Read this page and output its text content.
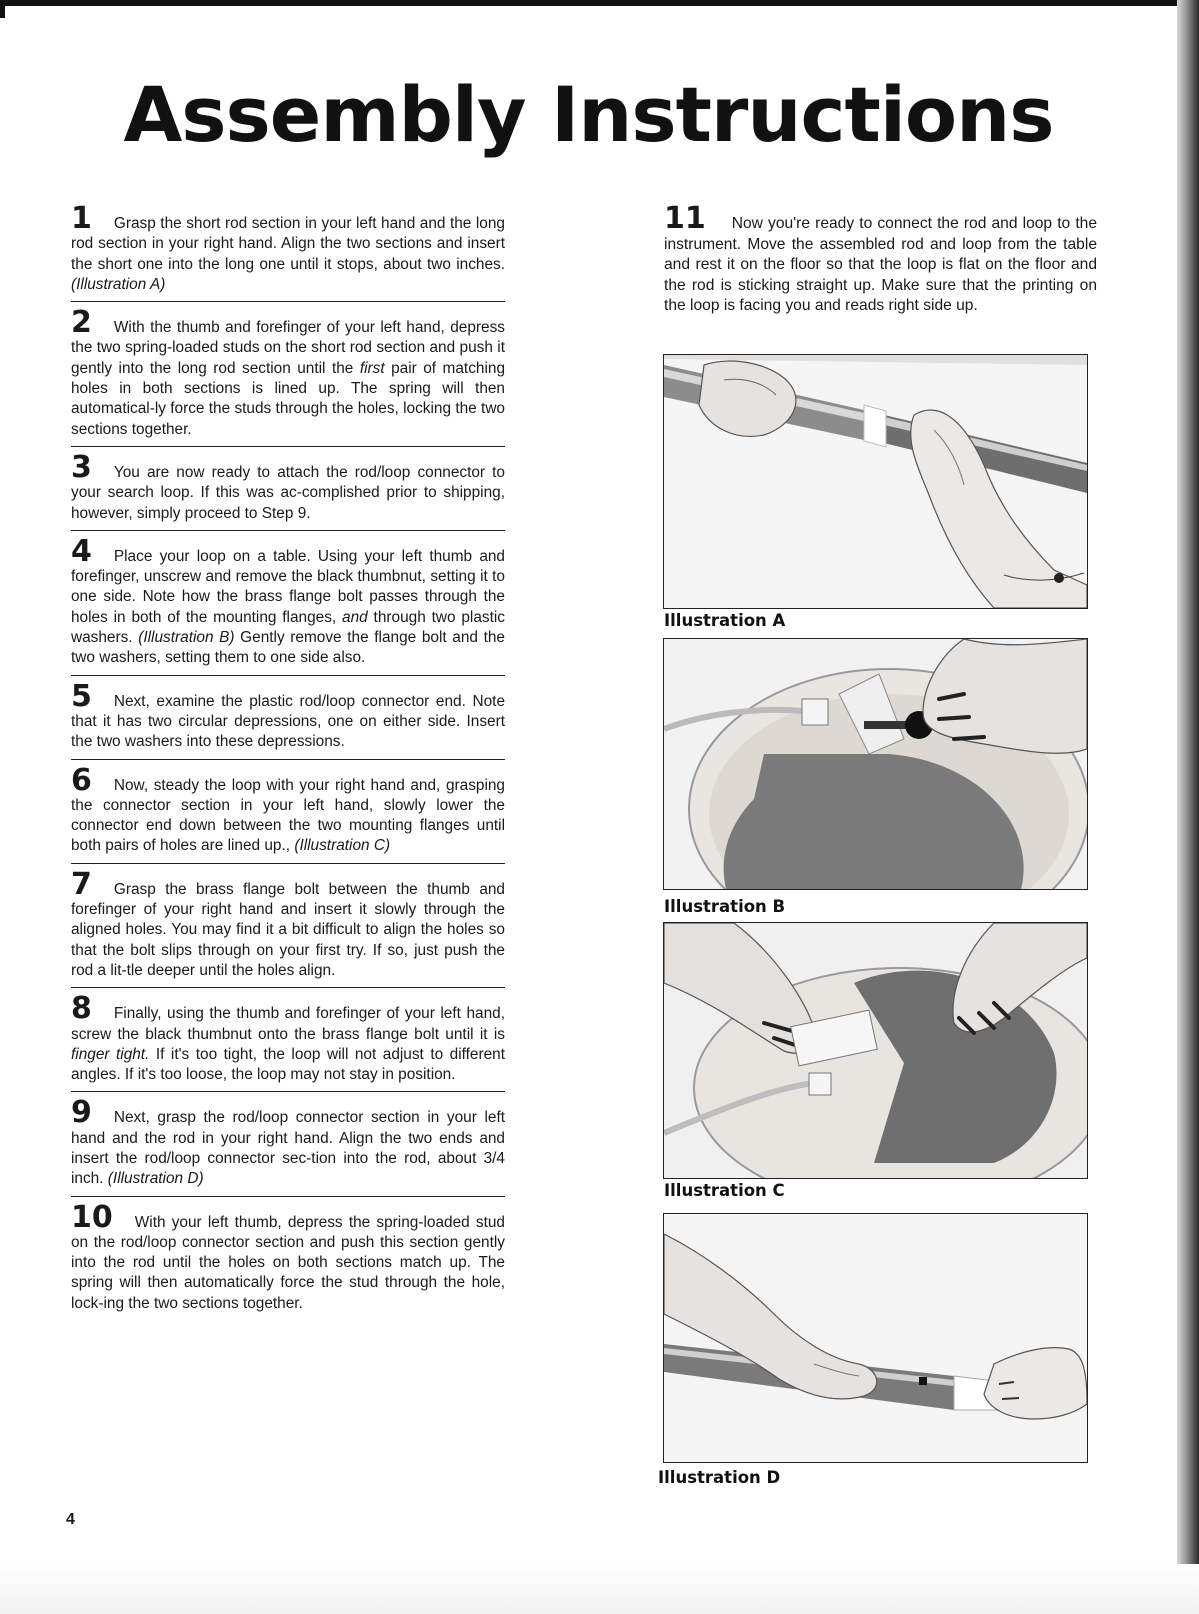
Assembly Instructions
1 Grasp the short rod section in your left hand and the long rod section in your right hand. Align the two sections and insert the short one into the long one until it stops, about two inches. (Illustration A)
2 With the thumb and forefinger of your left hand, depress the two spring-loaded studs on the short rod section and push it gently into the long rod section until the first pair of matching holes in both sections is lined up. The spring will then automatical-ly force the studs through the holes, locking the two sections together.
3 You are now ready to attach the rod/loop connector to your search loop. If this was ac-complished prior to shipping, however, simply proceed to Step 9.
4 Place your loop on a table. Using your left thumb and forefinger, unscrew and remove the black thumbnut, setting it to one side. Note how the brass flange bolt passes through the holes in both of the mounting flanges, and through two plastic washers. (Illustration B) Gently remove the flange bolt and the two washers, setting them to one side also.
5 Next, examine the plastic rod/loop connector end. Note that it has two circular depressions, one on either side. Insert the two washers into these depressions.
6 Now, steady the loop with your right hand and, grasping the connector section in your left hand, slowly lower the connector end down between the two mounting flanges until both pairs of holes are lined up., (Illustration C)
7 Grasp the brass flange bolt between the thumb and forefinger of your right hand and insert it slowly through the aligned holes. You may find it a bit difficult to align the holes so that the bolt slips through on your first try. If so, just push the rod a lit-tle deeper until the holes align.
8 Finally, using the thumb and forefinger of your left hand, screw the black thumbnut onto the brass flange bolt until it is finger tight. If it's too tight, the loop will not adjust to different angles. If it's too loose, the loop may not stay in position.
9 Next, grasp the rod/loop connector section in your left hand and the rod in your right hand. Align the two ends and insert the rod/loop connector sec-tion into the rod, about 3/4 inch. (Illustration D)
10 With your left thumb, depress the spring-loaded stud on the rod/loop connector section and push this section gently into the rod until the holes on both sections match up. The spring will then automatically force the stud through the hole, lock-ing the two sections together.
4
11 Now you're ready to connect the rod and loop to the instrument. Move the assembled rod and loop from the table and rest it on the floor so that the loop is flat on the floor and the rod is sticking straight up. Make sure that the printing on the loop is facing you and reads right side up.
Illustration A
Illustration B
Illustration C
Illustration D
